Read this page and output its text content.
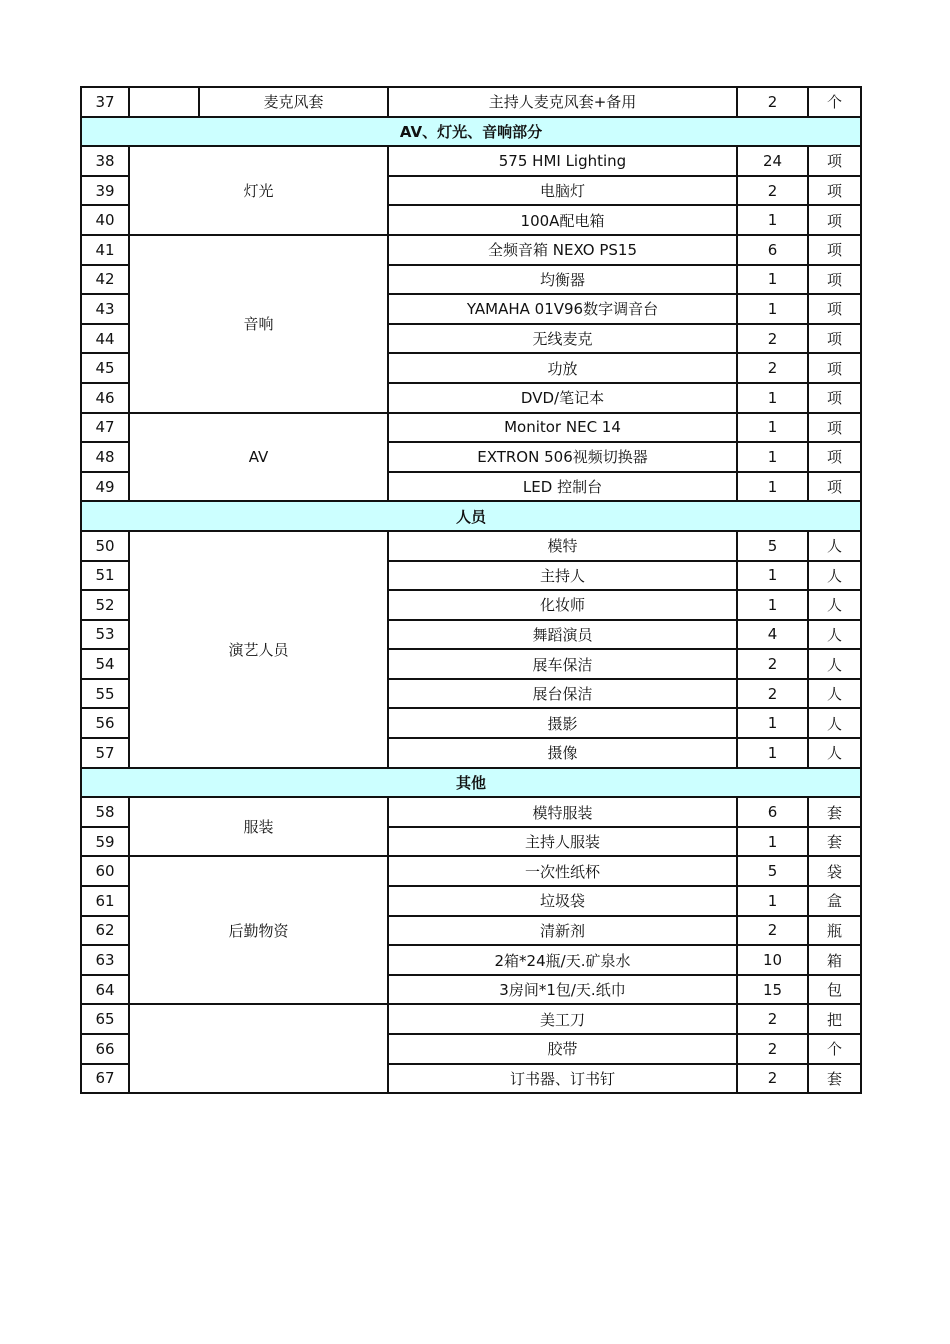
37		麦克风套	主持人麦克风套+备用	2	个
AV、灯光、音响部分					
38	灯光		575 HMI Lighting	24	项
39			电脑灯	2	项
40			100A配电箱	1	项
41	音响		全频音箱 NEXO PS15	6	项
42			均衡器	1	项
43			YAMAHA 01V96数字调音台	1	项
44			无线麦克	2	项
45			功放	2	项
46			DVD/笔记本	1	项
47	AV		Monitor NEC 14	1	项
48			EXTRON 506视频切换器	1	项
49			LED 控制台	1	项
人员					
50	演艺人员		模特	5	人
51			主持人	1	人
52			化妆师	1	人
53			舞蹈演员	4	人
54			展车保洁	2	人
55			展台保洁	2	人
56			摄影	1	人
57			摄像	1	人
其他					
58	服装		模特服装	6	套
59			主持人服装	1	套
60	后勤物资		一次性纸杯	5	袋
61			垃圾袋	1	盒
62			清新剂	2	瓶
63			2箱*24瓶/天.矿泉水	10	箱
64			3房间*1包/天.纸巾	15	包
65			美工刀	2	把
66			胶带	2	个
67			订书器、订书钉	2	套
